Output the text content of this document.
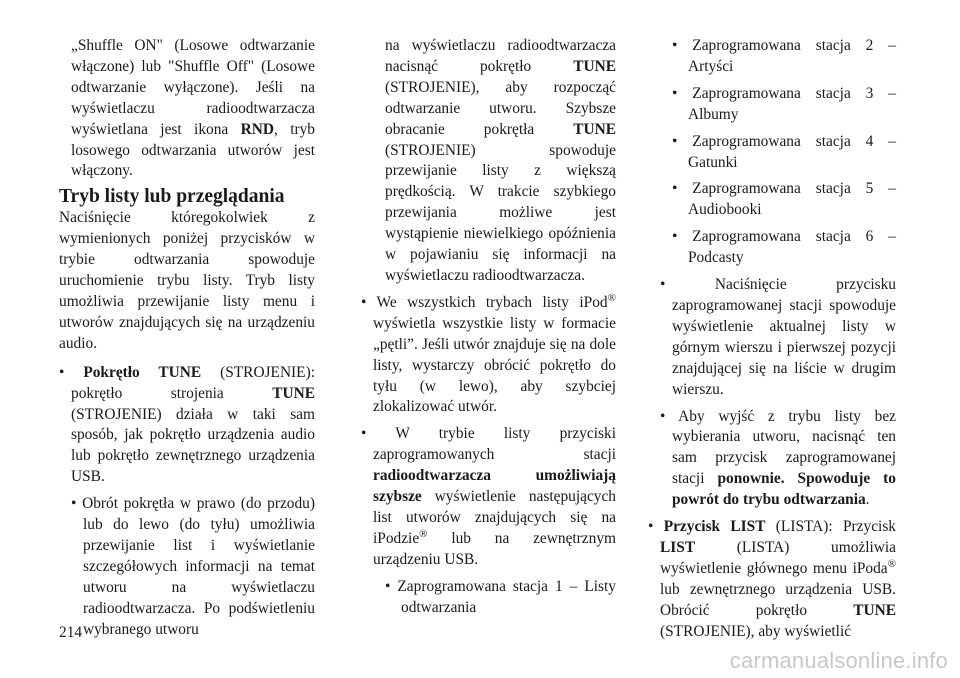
„Shuffle ON" (Losowe odtwarzanie włączone) lub "Shuffle Off" (Losowe odtwarzanie wyłączone). Jeśli na wyświetlaczu radioodtwarzacza wyświetlana jest ikona RND, tryb losowego odtwarzania utworów jest włączony.

Tryb listy lub przeglądania

Naciśnięcie któregokolwiek z wymienionych poniżej przycisków w trybie odtwarzania spowoduje uruchomienie trybu listy. Tryb listy umożliwia przewijanie listy menu i utworów znajdujących się na urządzeniu audio.

• Pokrętło TUNE (STROJENIE): pokrętło strojenia TUNE (STROJENIE) działa w taki sam sposób, jak pokrętło urządzenia audio lub pokrętło zewnętrznego urządzenia USB.

• Obrót pokrętła w prawo (do przodu) lub do lewo (do tyłu) umożliwia przewijanie list i wyświetlanie szczegółowych informacji na temat utworu na wyświetlaczu radioodtwarzacza. Po podświetleniu wybranego utworu

na wyświetlaczu radioodtwarzacza nacisnąć pokrętło TUNE (STROJENIE), aby rozpocząć odtwarzanie utworu. Szybsze obracanie pokrętła TUNE (STROJENIE) spowoduje przewijanie listy z większą prędkością. W trakcie szybkiego przewijania możliwe jest wystąpienie niewielkiego opóźnienia w pojawianiu się informacji na wyświetlaczu radioodtwarzacza.

• We wszystkich trybach listy iPod® wyświetla wszystkie listy w formacie „pętli”. Jeśli utwór znajduje się na dole listy, wystarczy obrócić pokrętło do tyłu (w lewo), aby szybciej zlokalizować utwór.

• W trybie listy przyciski zaprogramowanych stacji radioodtwarzacza umożliwiają szybsze wyświetlenie następujących list utworów znajdujących się na iPodzie® lub na zewnętrznym urządzeniu USB.

• Zaprogramowana stacja 1 – Listy odtwarzania

• Zaprogramowana stacja 2 – Artyści

• Zaprogramowana stacja 3 – Albumy

• Zaprogramowana stacja 4 – Gatunki

• Zaprogramowana stacja 5 – Audiobooki

• Zaprogramowana stacja 6 – Podcasty

• Naciśnięcie przycisku zaprogramowanej stacji spowoduje wyświetlenie aktualnej listy w górnym wierszu i pierwszej pozycji znajdującej się na liście w drugim wierszu.

• Aby wyjść z trybu listy bez wybierania utworu, nacisnąć ten sam przycisk zaprogramowanej stacji ponownie. Spowoduje to powrót do trybu odtwarzania.

• Przycisk LIST (LISTA): Przycisk LIST (LISTA) umożliwia wyświetlenie głównego menu iPoda® lub zewnętrznego urządzenia USB. Obrócić pokrętło TUNE (STROJENIE), aby wyświetlić

214
carmanualsonline.info
